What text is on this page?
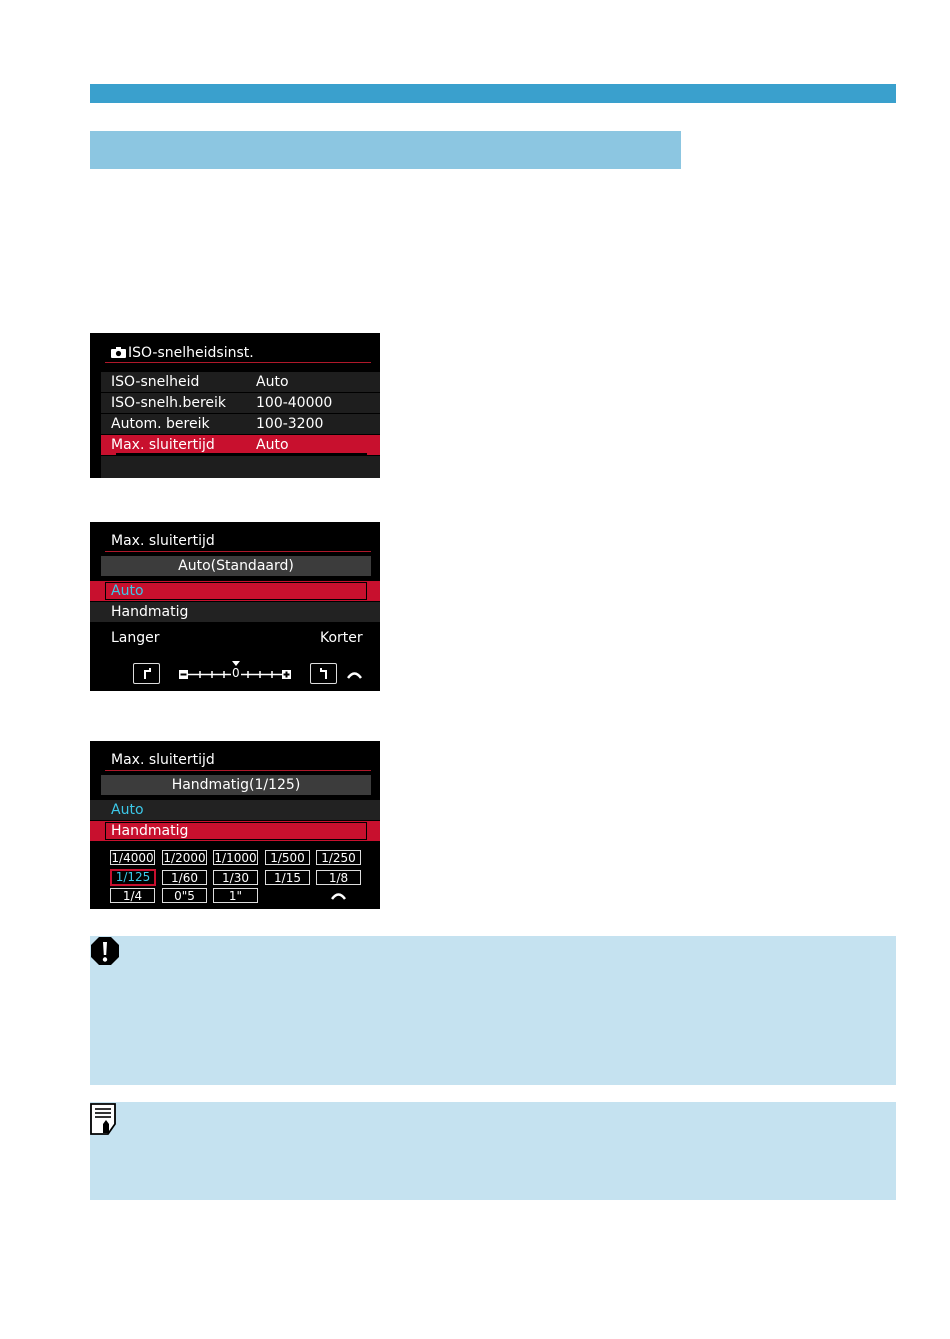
ISO-snelheidsinst.
ISO-snelheid	Auto
ISO-snelh.bereik 100-40000
Autom. bereik	100-3200
Max. sluitertijd	Auto
Max. sluitertijd
Auto(Standaard)
Auto
Handmatig
Langer	Korter
0
Max. sluitertijd
Handmatig(1/125)
Auto
Handmatig
1/4000 1/2000 1/1000	1/500	1/250
1/125	1/60	1/30	1/15	1/8
1/4	0"5	1"
